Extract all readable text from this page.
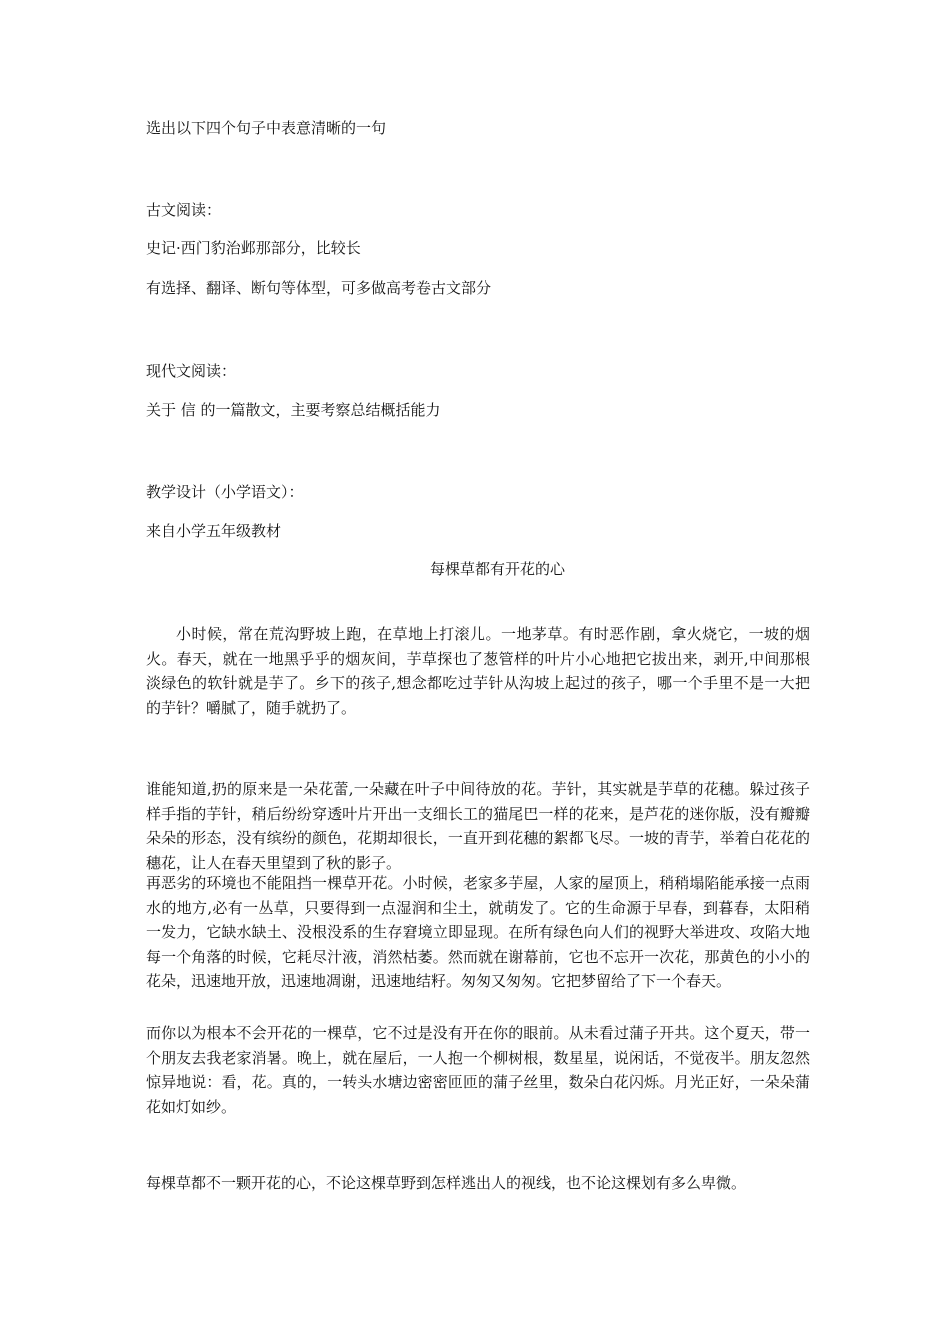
选出以下四个句子中表意清晰的一句
古文阅读：
史记·西门豹治邺那部分，比较长
有选择、翻译、断句等体型，可多做高考卷古文部分
现代文阅读：
关于 信 的一篇散文，主要考察总结概括能力
教学设计（小学语文）：
来自小学五年级教材
每棵草都有开花的心
小时候，常在荒沟野坡上跑，在草地上打滚儿。一地茅草。有时恶作剧，拿火烧它，一坡的烟火。春天，就在一地黑乎乎的烟灰间，芋草探也了葱管样的叶片小心地把它拔出来，剥开,中间那根淡绿色的软针就是芋了。乡下的孩子,想念都吃过芋针从沟坡上起过的孩子，哪一个手里不是一大把的芋针？嚼腻了，随手就扔了。
谁能知道,扔的原来是一朵花蕾,一朵藏在叶子中间待放的花。芋针，其实就是芋草的花穗。躲过孩子样手指的芋针，稍后纷纷穿透叶片开出一支细长工的猫尾巴一样的花来，是芦花的迷你版，没有瓣瓣朵朵的形态，没有缤纷的颜色，花期却很长，一直开到花穗的絮都飞尽。一坡的青芋，举着白花花的穗花，让人在春天里望到了秋的影子。
再恶劣的环境也不能阻挡一棵草开花。小时候，老家多芋屋，人家的屋顶上，稍稍塌陷能承接一点雨水的地方,必有一丛草，只要得到一点湿润和尘土，就萌发了。它的生命源于早春，到暮春，太阳稍一发力，它缺水缺土、没根没系的生存窘境立即显现。在所有绿色向人们的视野大举进攻、攻陷大地每一个角落的时候，它耗尽汁液，消然枯萎。然而就在谢幕前，它也不忘开一次花，那黄色的小小的花朵，迅速地开放，迅速地凋谢，迅速地结籽。匆匆又匆匆。它把梦留给了下一个春天。
而你以为根本不会开花的一棵草，它不过是没有开在你的眼前。从未看过蒲子开共。这个夏天，带一个朋友去我老家消暑。晚上，就在屋后，一人抱一个柳树根，数星星，说闲话，不觉夜半。朋友忽然惊异地说：看，花。真的，一转头水塘边密密匝匝的蒲子丝里，数朵白花闪烁。月光正好，一朵朵蒲花如灯如纱。
每棵草都不一颗开花的心，不论这棵草野到怎样逃出人的视线，也不论这棵划有多么卑微。
